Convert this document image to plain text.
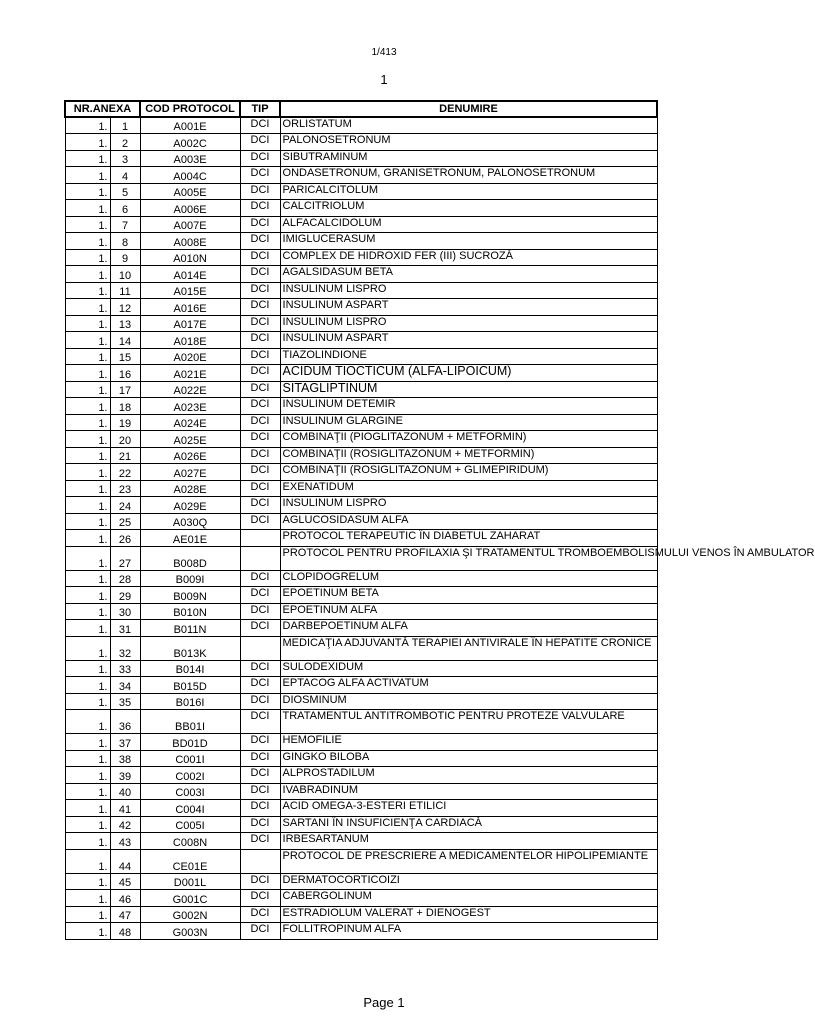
1/413
1
NR.ANEXA		COD PROTOCOL	TIP	DENUMIRE
1.	1	A001E	DCI	ORLISTATUM
1.	2	A002C	DCI	PALONOSETRONUM
1.	3	A003E	DCI	SIBUTRAMINUM
1.	4	A004C	DCI	ONDASETRONUM, GRANISETRONUM, PALONOSETRONUM
1.	5	A005E	DCI	PARICALCITOLUM
1.	6	A006E	DCI	CALCITRIOLUM
1.	7	A007E	DCI	ALFACALCIDOLUM
1.	8	A008E	DCI	IMIGLUCERASUM
1.	9	A010N	DCI	COMPLEX DE HIDROXID FER (III) SUCROZĂ
1.	10	A014E	DCI	AGALSIDASUM BETA
1.	11	A015E	DCI	INSULINUM LISPRO
1.	12	A016E	DCI	INSULINUM ASPART
1.	13	A017E	DCI	INSULINUM LISPRO
1.	14	A018E	DCI	INSULINUM ASPART
1.	15	A020E	DCI	TIAZOLINDIONE
1.	16	A021E	DCI	ACIDUM TIOCTICUM (ALFA-LIPOICUM)
1.	17	A022E	DCI	SITAGLIPTINUM
1.	18	A023E	DCI	INSULINUM DETEMIR
1.	19	A024E	DCI	INSULINUM GLARGINE
1.	20	A025E	DCI	COMBINAŢII (PIOGLITAZONUM + METFORMIN)
1.	21	A026E	DCI	COMBINAŢII (ROSIGLITAZONUM + METFORMIN)
1.	22	A027E	DCI	COMBINAŢII (ROSIGLITAZONUM + GLIMEPIRIDUM)
1.	23	A028E	DCI	EXENATIDUM
1.	24	A029E	DCI	INSULINUM LISPRO
1.	25	A030Q	DCI	AGLUCOSIDASUM ALFA
1.	26	AE01E		PROTOCOL TERAPEUTIC ÎN DIABETUL ZAHARAT
1.	27	B008D		PROTOCOL PENTRU PROFILAXIA ŞI TRATAMENTUL TROMBOEMBOLISMULUI VENOS ÎN AMBULATOR
1.	28	B009I	DCI	CLOPIDOGRELUM
1.	29	B009N	DCI	EPOETINUM BETA
1.	30	B010N	DCI	EPOETINUM ALFA
1.	31	B011N	DCI	DARBEPOETINUM ALFA
1.	32	B013K		MEDICAŢIA ADJUVANTĂ TERAPIEI ANTIVIRALE ÎN HEPATITE CRONICE
1.	33	B014I	DCI	SULODEXIDUM
1.	34	B015D	DCI	EPTACOG ALFA ACTIVATUM
1.	35	B016I	DCI	DIOSMINUM
1.	36	BB01I	DCI	TRATAMENTUL ANTITROMBOTIC PENTRU PROTEZE VALVULARE
1.	37	BD01D	DCI	HEMOFILIE
1.	38	C001I	DCI	GINGKO BILOBA
1.	39	C002I	DCI	ALPROSTADILUM
1.	40	C003I	DCI	IVABRADINUM
1.	41	C004I	DCI	ACID OMEGA-3-ESTERI ETILICI
1.	42	C005I	DCI	SARTANI ÎN INSUFICIENŢA CARDIACĂ
1.	43	C008N	DCI	IRBESARTANUM
1.	44	CE01E		PROTOCOL DE PRESCRIERE A MEDICAMENTELOR HIPOLIPEMIANTE
1.	45	D001L	DCI	DERMATOCORTICOIZI
1.	46	G001C	DCI	CABERGOLINUM
1.	47	G002N	DCI	ESTRADIOLUM VALERAT + DIENOGEST
1.	48	G003N	DCI	FOLLITROPINUM ALFA
Page 1
